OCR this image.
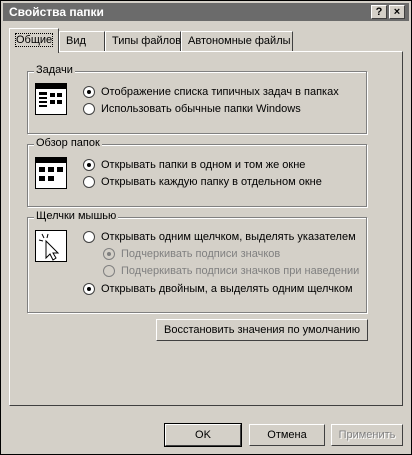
Свойства папки	?	×
Общие	Вид	Типы файлов Автономные файлы
Задачи
Отображение списка типичных задач в папках
Использовать обычные папки Windows
Обзор папок
Открывать папки в одном и том же окне
Открывать каждую папку в отдельном окне
Щелчки мышью
Открывать одним щелчком, выделять указателем
Подчеркивать подписи значков
Подчеркивать подписи значков при наведении
Открывать двойным, а выделять одним щелчком
Восстановить значения по умолчанию
OK	Отмена	Применить
